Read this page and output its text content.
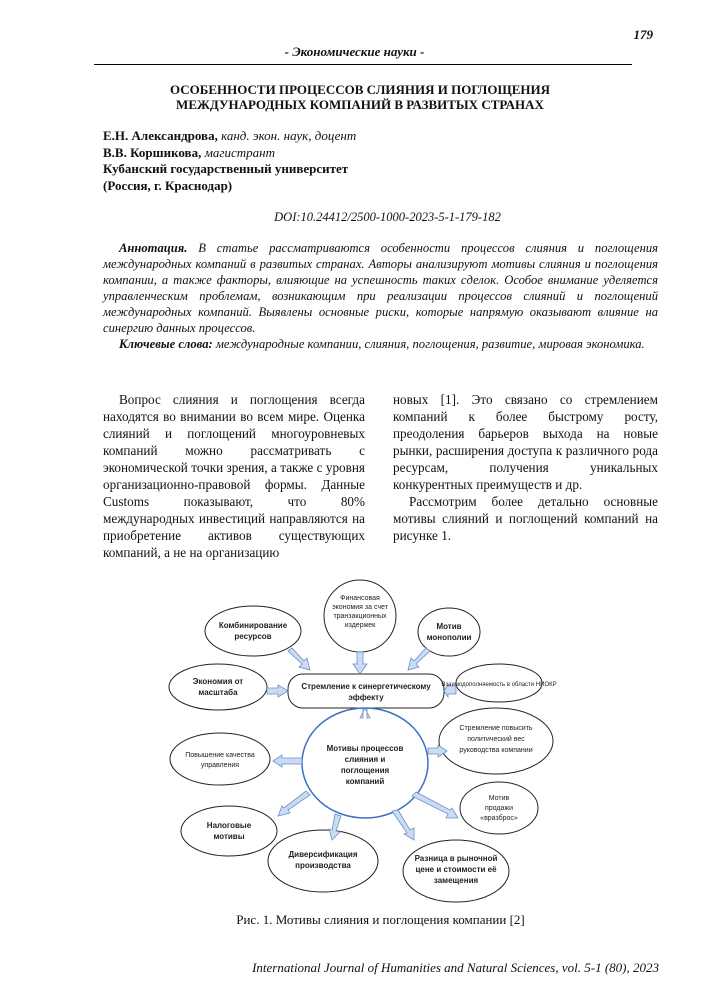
179
- Экономические науки -
ОСОБЕННОСТИ ПРОЦЕССОВ СЛИЯНИЯ И ПОГЛОЩЕНИЯ
МЕЖДУНАРОДНЫХ КОМПАНИЙ В РАЗВИТЫХ СТРАНАХ
Е.Н. Александрова, канд. экон. наук, доцент
В.В. Коршикова, магистрант
Кубанский государственный университет
(Россия, г. Краснодар)
DOI:10.24412/2500-1000-2023-5-1-179-182

Аннотация. В статье рассматриваются особенности процессов слияния и поглощения международных компаний в развитых странах. Авторы анализируют мотивы слияния и поглощения компании, а также факторы, влияющие на успешность таких сделок. Особое внимание уделяется управленческим проблемам, возникающим при реализации процессов слияний и поглощений международных компаний. Выявлены основные риски, которые напрямую оказывают влияние на синергию данных процессов.

Ключевые слова: международные компании, слияния, поглощения, развитие, мировая экономика.

Вопрос слияния и поглощения всегда находятся во внимании во всем мире. Оценка слияний и поглощений многоуровневых компаний можно рассматривать с экономической точки зрения, а также с уровня организационно-правовой формы. Данные Customs показывают, что 80% международных инвестиций направляются на приобретение активов существующих компаний, а не на организацию

новых [1]. Это связано со стремлением компаний к более быстрому росту, преодоления барьеров выхода на новые рынки, расширения доступа к различного рода ресурсам, получения уникальных конкурентных преимуществ и др.

Рассмотрим более детально основные мотивы слияний и поглощений компаний на рисунке 1.

Финансовая
экономия за счет
транзакционных
издержек
Взаимодополняемость в области НИОКР
Стремление повысить
политический вес
руководства компании
Повышение качества
управления
Мотив
продажи
«вразброс»
Комбинирование
ресурсов
Мотив
монополии
Экономия от
масштаба
Стремление к синергетическому
эффекту
Мотивы процессов
слияния и
поглощения
компаний
Налоговые
мотивы
Диверсификация
производства
Разница в рыночной
цене и стоимости её
замещения
Рис. 1. Мотивы слияния и поглощения компании [2]
International Journal of Humanities and Natural Sciences, vol. 5-1 (80), 2023
